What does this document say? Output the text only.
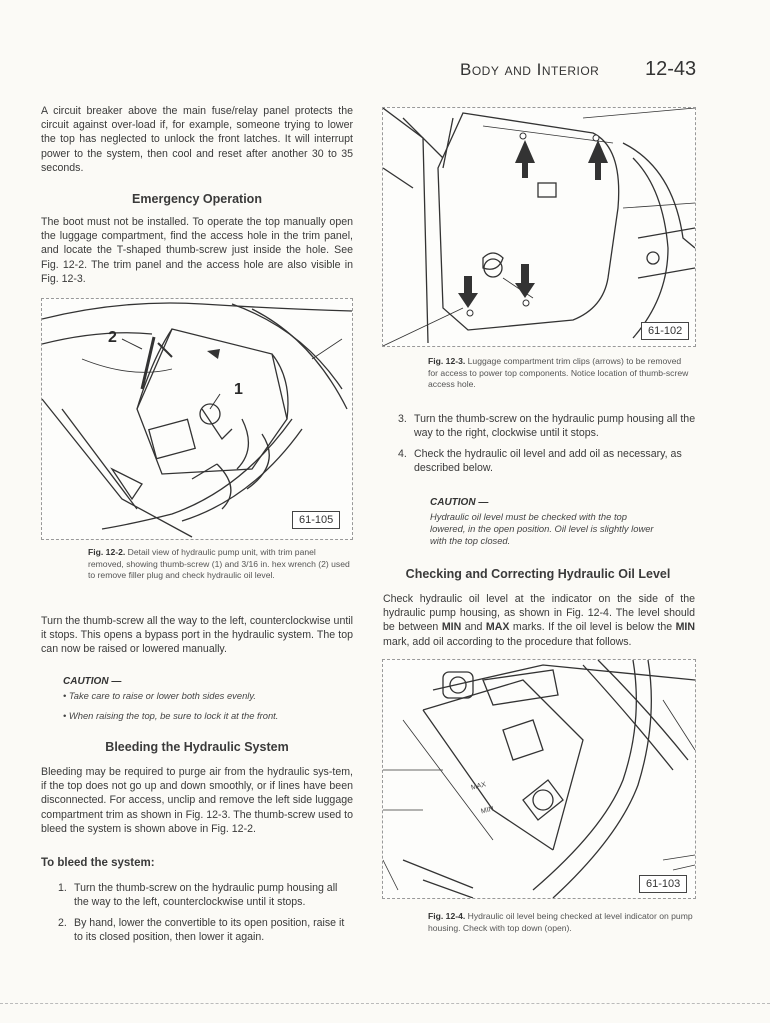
Body and Interior 12-43
A circuit breaker above the main fuse/relay panel protects the circuit against over-load if, for example, someone trying to lower the top has neglected to unlock the front latches. It will interrupt power to the system, then cool and reset after another 30 to 35 seconds.
Emergency Operation
The boot must not be installed. To operate the top manually open the luggage compartment, find the access hole in the trim panel, and locate the T-shaped thumb-screw just inside the hole. See Fig. 12-2. The trim panel and the access hole are also visible in Fig. 12-3.
2
1
61-105
Fig. 12-2. Detail view of hydraulic pump unit, with trim panel removed, showing thumb-screw (1) and 3/16 in. hex wrench (2) used to remove filler plug and check hydraulic oil level.
Turn the thumb-screw all the way to the left, counterclockwise until it stops. This opens a bypass port in the hydraulic system. The top can now be raised or lowered manually.
CAUTION —
• Take care to raise or lower both sides evenly.
• When raising the top, be sure to lock it at the front.
Bleeding the Hydraulic System
Bleeding may be required to purge air from the hydraulic sys-tem, if the top does not go up and down smoothly, or if lines have been disconnected. For access, unclip and remove the left side luggage compartment trim as shown in Fig. 12-3. The thumb-screw used to bleed the system is shown above in Fig. 12-2.
To bleed the system:
1. Turn the thumb-screw on the hydraulic pump housing all the way to the left, counterclockwise until it stops.
2. By hand, lower the convertible to its open position, raise it to its closed position, then lower it again.
61-102
Fig. 12-3. Luggage compartment trim clips (arrows) to be removed for access to power top components. Notice location of thumb-screw access hole.
3. Turn the thumb-screw on the hydraulic pump housing all the way to the right, clockwise until it stops.
4. Check the hydraulic oil level and add oil as necessary, as described below.
CAUTION —
Hydraulic oil level must be checked with the top lowered, in the open position. Oil level is slightly lower with the top closed.
Checking and Correcting Hydraulic Oil Level
Check hydraulic oil level at the indicator on the side of the hydraulic pump housing, as shown in Fig. 12-4. The level should be between MIN and MAX marks. If the oil level is below the MIN mark, add oil according to the procedure that follows.
MAX
MIN
61-103
Fig. 12-4. Hydraulic oil level being checked at level indicator on pump housing. Check with top down (open).
